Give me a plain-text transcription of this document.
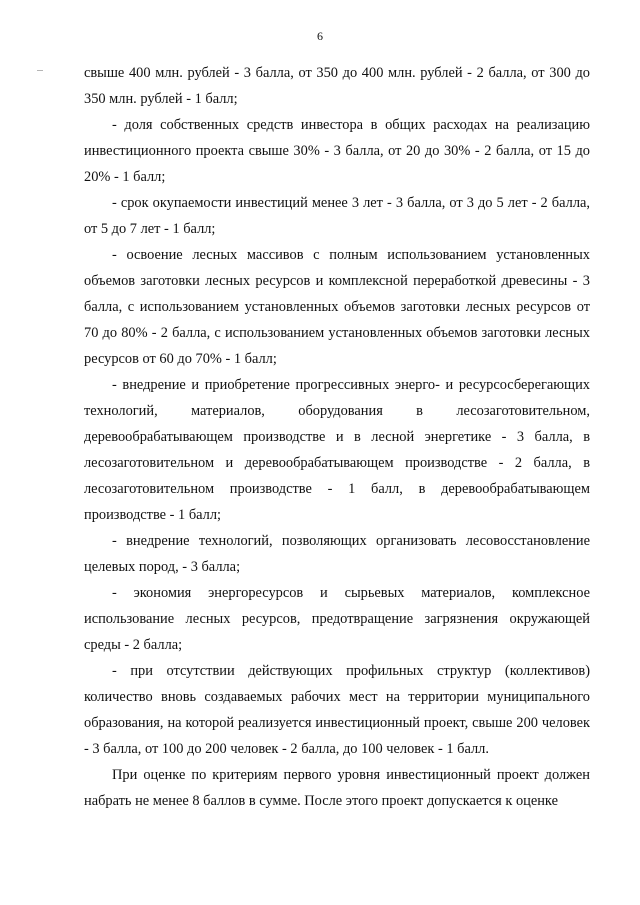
6

свыше 400 млн. рублей - 3 балла, от 350 до 400 млн. рублей - 2 балла, от 300 до 350 млн. рублей - 1 балл;

- доля собственных средств инвестора в общих расходах на реализацию инвестиционного проекта свыше 30% - 3 балла, от 20 до 30% - 2 балла, от 15 до 20% - 1 балл;

- срок окупаемости инвестиций менее 3 лет - 3 балла, от 3 до 5 лет - 2 балла, от 5 до 7 лет - 1 балл;

- освоение лесных массивов с полным использованием установленных объемов заготовки лесных ресурсов и комплексной переработкой древесины - 3 балла, с использованием установленных объемов заготовки лесных ресурсов от 70 до 80% - 2 балла, с использованием установленных объемов заготовки лесных ресурсов от 60 до 70% - 1 балл;

- внедрение и приобретение прогрессивных энерго- и ресурсосберегающих технологий, материалов, оборудования в лесозаготовительном, деревообрабатывающем производстве и в лесной энергетике - 3 балла, в лесозаготовительном и деревообрабатывающем производстве - 2 балла, в лесозаготовительном производстве - 1 балл, в деревообрабатывающем производстве - 1 балл;

- внедрение технологий, позволяющих организовать лесовосстановление целевых пород, - 3 балла;

- экономия энергоресурсов и сырьевых материалов, комплексное использование лесных ресурсов, предотвращение загрязнения окружающей среды - 2 балла;

- при отсутствии действующих профильных структур (коллективов) количество вновь создаваемых рабочих мест на территории муниципального образования, на которой реализуется инвестиционный проект, свыше 200 человек - 3 балла, от 100 до 200 человек - 2 балла, до 100 человек - 1 балл.

При оценке по критериям первого уровня инвестиционный проект должен набрать не менее 8 баллов в сумме. После этого проект допускается к оценке
